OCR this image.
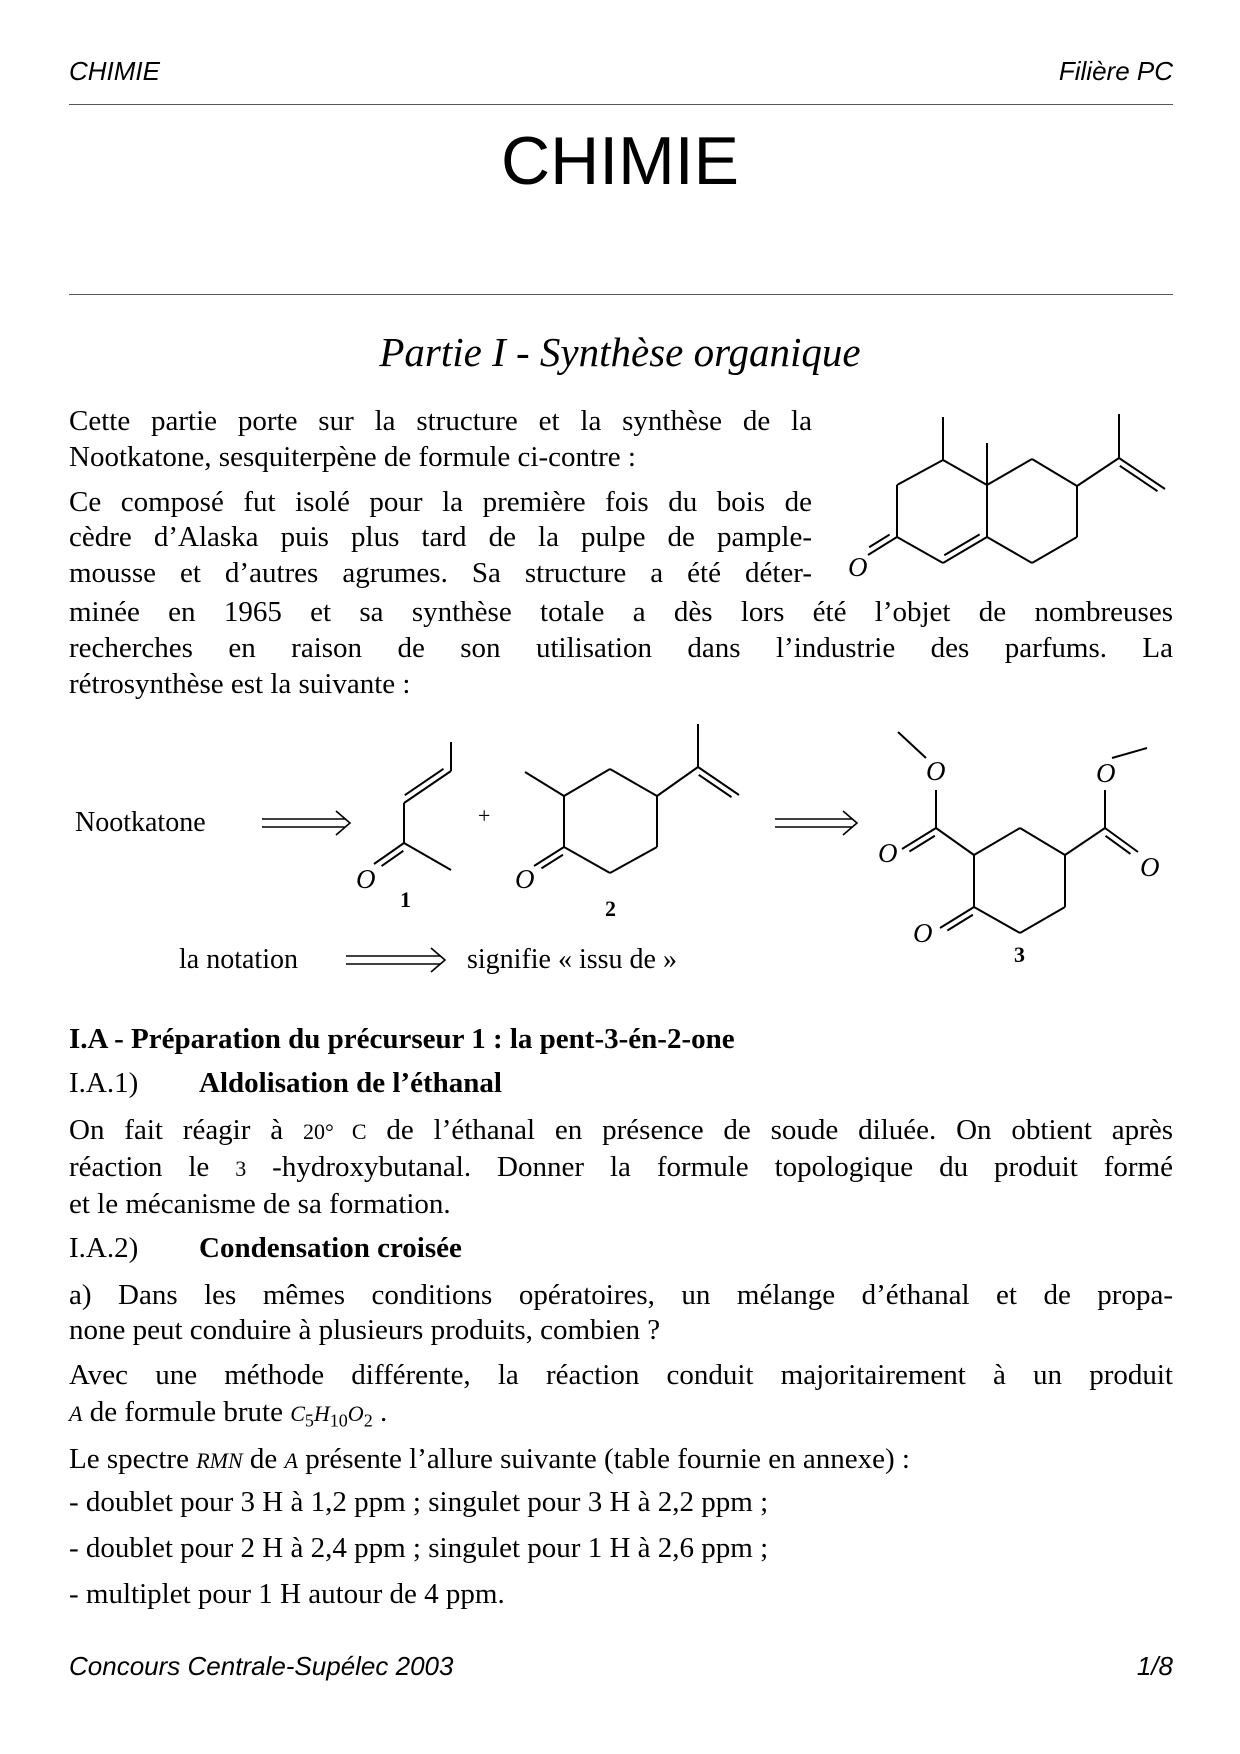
CHIMIE	Filière PC
CHIMIE
Partie I - Synthèse organique
Cette partie porte sur la structure et la synthèse de la
Nootkatone, sesquiterpène de formule ci-contre :
Ce composé fut isolé pour la première fois du bois de
cèdre d’Alaska puis plus tard de la pulpe de pample-
mousse et d’autres agrumes. Sa structure a été déter-
minée en 1965 et sa synthèse totale a dès lors été l’objet de nombreuses
recherches en raison de son utilisation dans l’industrie des parfums. La
rétrosynthèse est la suivante :
O
Nootkatone	+
O
1
O
2
O	O
O	O
O
3
la notation	signifie « issu de »
I.A - Préparation du précurseur 1 : la pent-3-én-2-one
I.A.1) Aldolisation de l’éthanal
On fait réagir à 20° C de l’éthanal en présence de soude diluée. On obtient après
réaction le 3 -hydroxybutanal. Donner la formule topologique du produit formé
et le mécanisme de sa formation.
I.A.2) Condensation croisée
a) Dans les mêmes conditions opératoires, un mélange d’éthanal et de propa-
none peut conduire à plusieurs produits, combien ?
Avec une méthode différente, la réaction conduit majoritairement à un produit
A de formule brute $C_5H_{10}O_2$ .
Le spectre RMN de A présente l’allure suivante (table fournie en annexe) :
- doublet pour 3 H à 1,2 ppm ; singulet pour 3 H à 2,2 ppm ;
- doublet pour 2 H à 2,4 ppm ; singulet pour 1 H à 2,6 ppm ;
- multiplet pour 1 H autour de 4 ppm.
Concours Centrale-Supélec 2003	1/8
